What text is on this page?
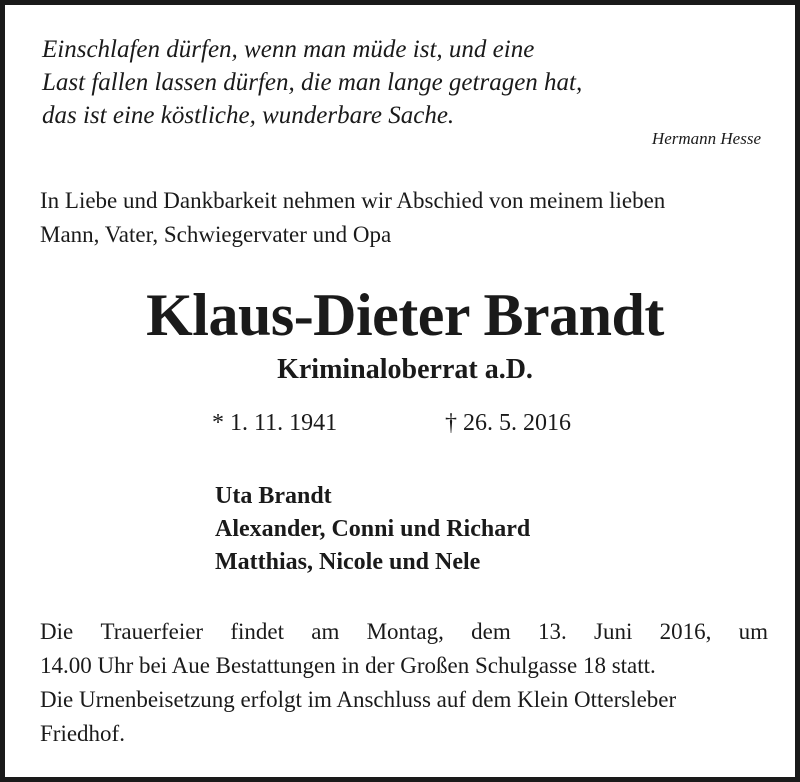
Einschlafen dürfen, wenn man müde ist, und eine

Last fallen lassen dürfen, die man lange getragen hat,

das ist eine köstliche, wunderbare Sache.

Hermann Hesse

In Liebe und Dankbarkeit nehmen wir Abschied von meinem lieben

Mann, Vater, Schwiegervater und Opa

Klaus-Dieter Brandt

Kriminaloberrat a.D.

* 1. 11. 1941	† 26. 5. 2016

Uta Brandt

Alexander, Conni und Richard

Matthias, Nicole und Nele

Die Trauerfeier findet am Montag, dem 13. Juni 2016, um

14.00 Uhr bei Aue Bestattungen in der Großen Schulgasse 18 statt.

Die Urnenbeisetzung erfolgt im Anschluss auf dem Klein Ottersleber

Friedhof.
